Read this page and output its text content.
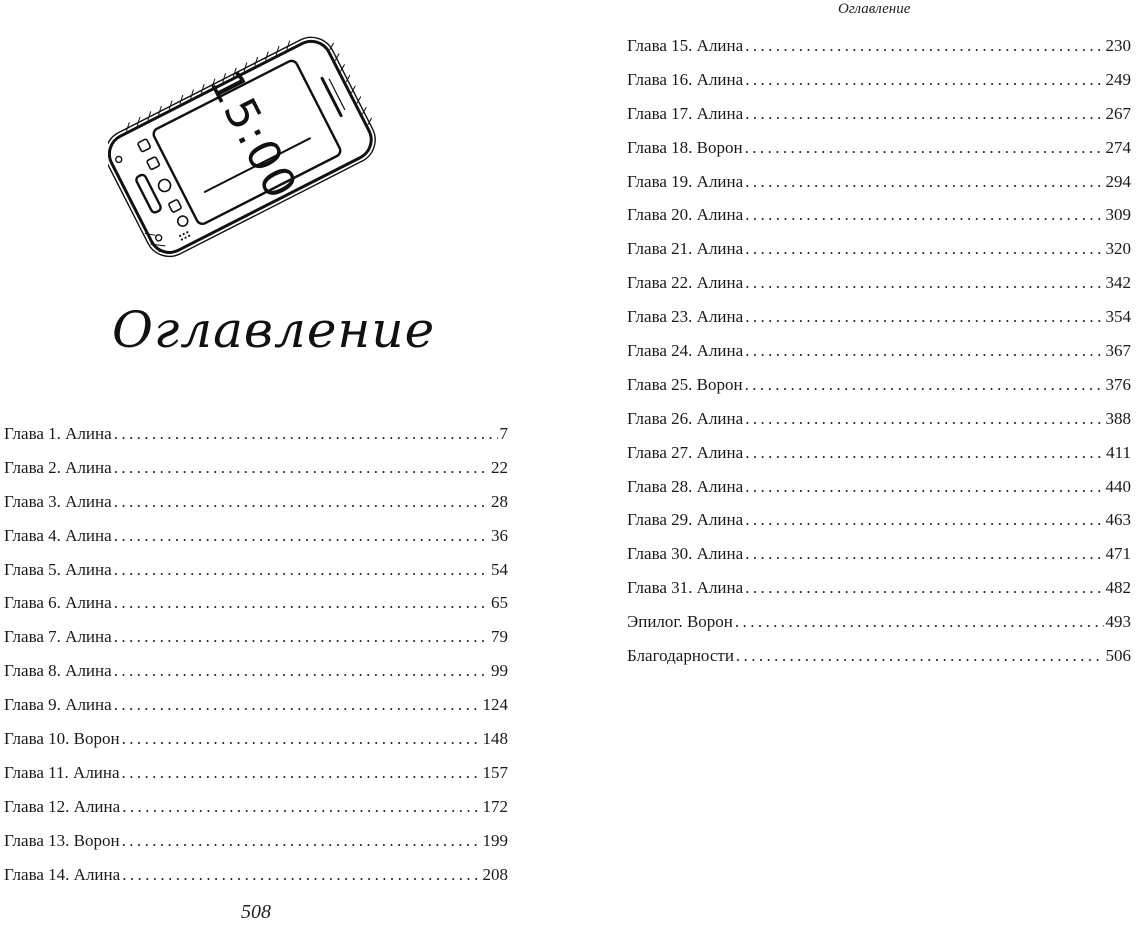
15:00
Оглавление
Глава 1. Алина .....	7
Глава 2. Алина .....	22
Глава 3. Алина .....	28
Глава 4. Алина .....	36
Глава 5. Алина .....	54
Глава 6. Алина .....	65
Глава 7. Алина .....	79
Глава 8. Алина .....	99
Глава 9. Алина .....	124
Глава 10. Ворон .....	148
Глава 11. Алина .....	157
Глава 12. Алина .....	172
Глава 13. Ворон .....	199
Глава 14. Алина .....	208
508
Оглавление
Глава 15. Алина .....	230
Глава 16. Алина .....	249
Глава 17. Алина .....	267
Глава 18. Ворон .....	274
Глава 19. Алина .....	294
Глава 20. Алина .....	309
Глава 21. Алина .....	320
Глава 22. Алина .....	342
Глава 23. Алина .....	354
Глава 24. Алина .....	367
Глава 25. Ворон .....	376
Глава 26. Алина .....	388
Глава 27. Алина .....	411
Глава 28. Алина .....	440
Глава 29. Алина .....	463
Глава 30. Алина .....	471
Глава 31. Алина .....	482
Эпилог. Ворон .....	493
Благодарности .....	506
